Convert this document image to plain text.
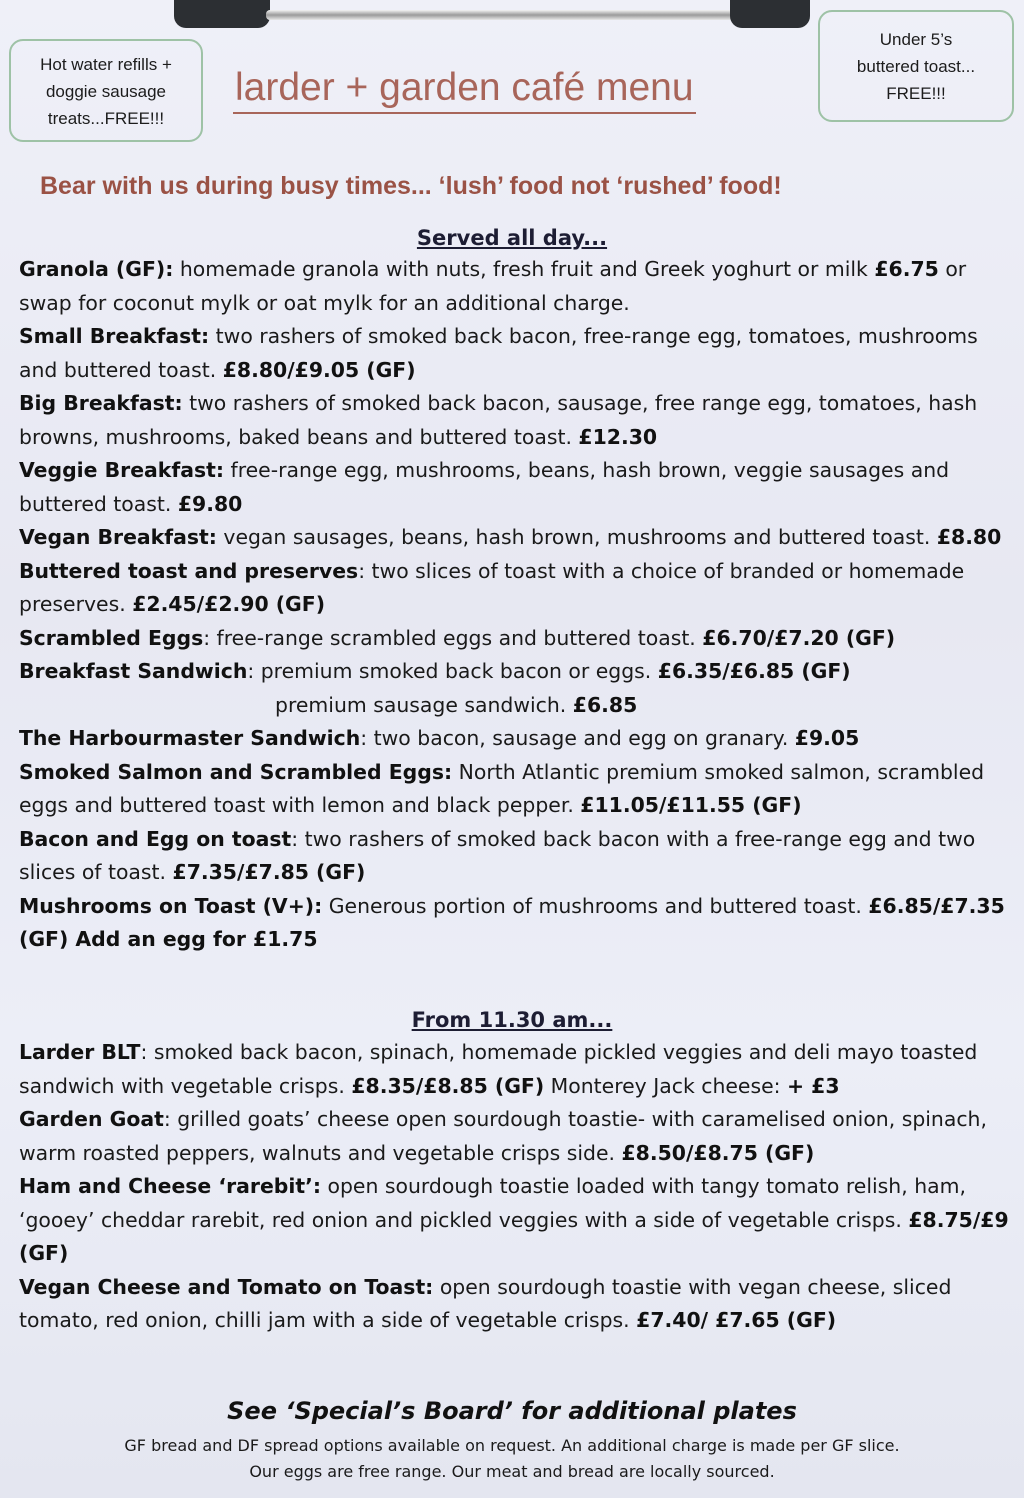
Hot water refills +
doggie sausage
treats...FREE!!!
larder + garden café menu
Under 5’s
buttered toast...
FREE!!!
Bear with us during busy times... ‘lush’ food not ‘rushed’ food!
Served all day...
Granola (GF): homemade granola with nuts, fresh fruit and Greek yoghurt or milk £6.75 or swap for coconut mylk or oat mylk for an additional charge.
Small Breakfast: two rashers of smoked back bacon, free-range egg, tomatoes, mushrooms and buttered toast. £8.80/£9.05 (GF)
Big Breakfast: two rashers of smoked back bacon, sausage, free range egg, tomatoes, hash browns, mushrooms, baked beans and buttered toast. £12.30
Veggie Breakfast: free-range egg, mushrooms, beans, hash brown, veggie sausages and buttered toast. £9.80
Vegan Breakfast: vegan sausages, beans, hash brown, mushrooms and buttered toast. £8.80
Buttered toast and preserves: two slices of toast with a choice of branded or homemade preserves. £2.45/£2.90 (GF)
Scrambled Eggs: free-range scrambled eggs and buttered toast. £6.70/£7.20 (GF)
Breakfast Sandwich: premium smoked back bacon or eggs. £6.35/£6.85 (GF)
premium sausage sandwich. £6.85
The Harbourmaster Sandwich: two bacon, sausage and egg on granary. £9.05
Smoked Salmon and Scrambled Eggs: North Atlantic premium smoked salmon, scrambled eggs and buttered toast with lemon and black pepper. £11.05/£11.55 (GF)
Bacon and Egg on toast: two rashers of smoked back bacon with a free-range egg and two slices of toast. £7.35/£7.85 (GF)
Mushrooms on Toast (V+): Generous portion of mushrooms and buttered toast. £6.85/£7.35 (GF) Add an egg for £1.75
From 11.30 am...
Larder BLT: smoked back bacon, spinach, homemade pickled veggies and deli mayo toasted sandwich with vegetable crisps. £8.35/£8.85 (GF) Monterey Jack cheese: + £3
Garden Goat: grilled goats’ cheese open sourdough toastie- with caramelised onion, spinach, warm roasted peppers, walnuts and vegetable crisps side. £8.50/£8.75 (GF)
Ham and Cheese ‘rarebit’: open sourdough toastie loaded with tangy tomato relish, ham, ‘gooey’ cheddar rarebit, red onion and pickled veggies with a side of vegetable crisps. £8.75/£9 (GF)
Vegan Cheese and Tomato on Toast: open sourdough toastie with vegan cheese, sliced tomato, red onion, chilli jam with a side of vegetable crisps. £7.40/ £7.65 (GF)
See ‘Special’s Board’ for additional plates
GF bread and DF spread options available on request. An additional charge is made per GF slice.
Our eggs are free range. Our meat and bread are locally sourced.
